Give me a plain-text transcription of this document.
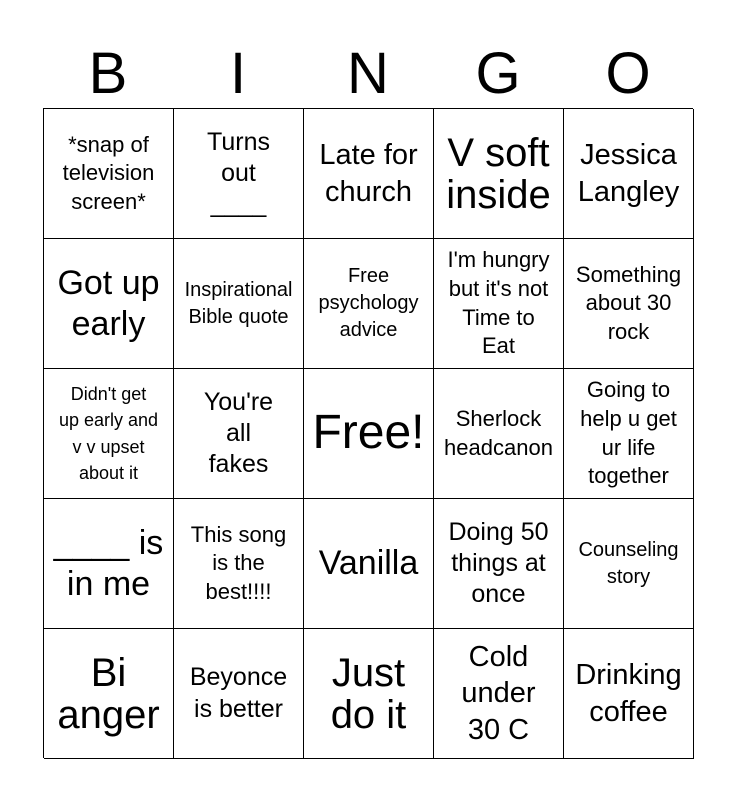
B	I	N	G	O
*snap of
television
screen*
Turns
out
____
Late for
church
V soft
inside
Jessica
Langley
Got up
early
Inspirational
Bible quote
Free
psychology
advice
I'm hungry
but it's not
Time to
Eat
Something
about 30
rock
Didn't get
up early and
v v upset
about it
You're
all
fakes
Free!	Sherlock
headcanon
Going to
help u get
ur life
together
____ is
in me
This song
is the
best!!!!
Vanilla
Doing 50
things at
once
Counseling
story
Bi
anger
Beyonce
is better
Just
do it
Cold
under
30 C
Drinking
coffee
